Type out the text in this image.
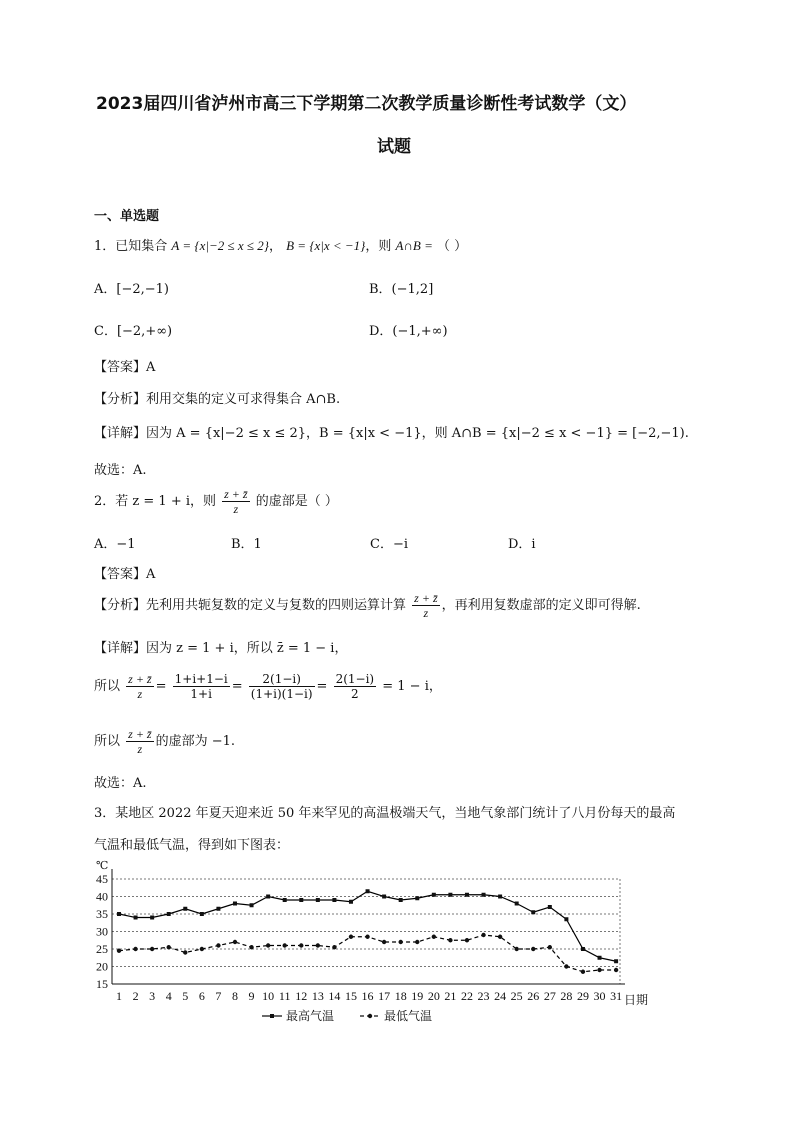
2023届四川省泸州市高三下学期第二次教学质量诊断性考试数学（文）
试题
一、单选题
1．已知集合 A = {x|−2 ≤ x ≤ 2}， B = {x|x < −1}，则 A∩B = （ ）
A．[−2,−1)	B．(−1,2]
C．[−2,+∞)	D．(−1,+∞)
【答案】A
【分析】利用交集的定义可求得集合 A∩B.
【详解】因为 A = {x|−2 ≤ x ≤ 2}，B = {x|x < −1}，则 A∩B = {x|−2 ≤ x < −1} = [−2,−1).
故选：A.
2．若 z = 1 + i，则 $\frac{z + z̄}{z}$ 的虚部是（ ）
A．−1	B．1	C．−i	D．i
【答案】A
【分析】先利用共轭复数的定义与复数的四则运算计算 $\frac{z + z̄}{z}$ ，再利用复数虚部的定义即可得解.
【详解】因为 z = 1 + i，所以 z̄ = 1 − i，
所以 $\frac{z + z̄}{z} = \frac{1+i+1-i}{1+i} = \frac{2(1-i)}{(1+i)(1-i)} = \frac{2(1-i)}{2} = 1 - i$，
所以 $\frac{z + z̄}{z}$ 的虚部为 −1.
故选：A.
3．某地区 2022 年夏天迎来近 50 年来罕见的高温极端天气，当地气象部门统计了八月份每天的最高
气温和最低气温，得到如下图表：
15
20
25
30
35
40
45
℃
1 2 3 4 5 6 7 8 9 10 11 12 13 14 15 16 17 18 19 20 21 22 23 24 25 26 27 28 29 30 31 日期
最高气温	最低气温
